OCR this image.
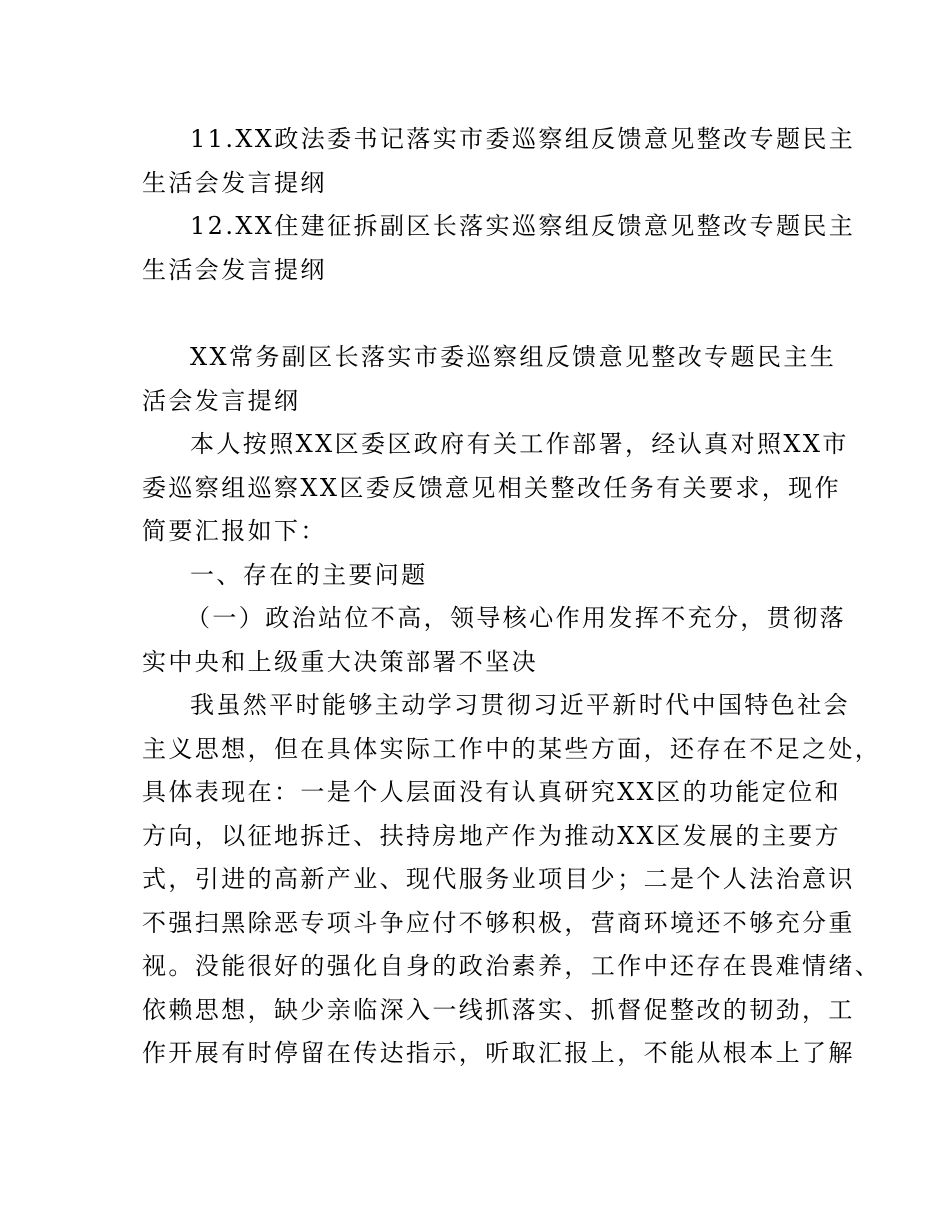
11.XX政法委书记落实市委巡察组反馈意见整改专题民主
生活会发言提纲
12.XX住建征拆副区长落实巡察组反馈意见整改专题民主
生活会发言提纲
XX常务副区长落实市委巡察组反馈意见整改专题民主生
活会发言提纲
本人按照XX区委区政府有关工作部署，经认真对照XX市
委巡察组巡察XX区委反馈意见相关整改任务有关要求，现作
简要汇报如下：
一、存在的主要问题
（一）政治站位不高，领导核心作用发挥不充分，贯彻落
实中央和上级重大决策部署不坚决
我虽然平时能够主动学习贯彻习近平新时代中国特色社会
主义思想，但在具体实际工作中的某些方面，还存在不足之处，
具体表现在：一是个人层面没有认真研究XX区的功能定位和
方向，以征地拆迁、扶持房地产作为推动XX区发展的主要方
式，引进的高新产业、现代服务业项目少；二是个人法治意识
不强扫黑除恶专项斗争应付不够积极，营商环境还不够充分重
视。没能很好的强化自身的政治素养，工作中还存在畏难情绪、
依赖思想，缺少亲临深入一线抓落实、抓督促整改的韧劲，工
作开展有时停留在传达指示，听取汇报上，不能从根本上了解
